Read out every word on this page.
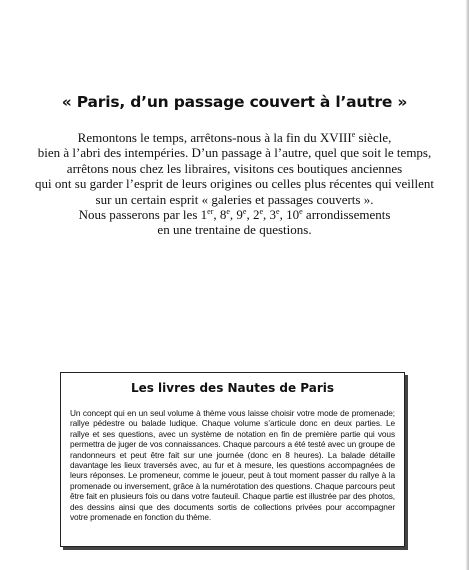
« Paris, d’un passage couvert à l’autre »

Remontons le temps, arrêtons-nous à la fin du XVIIIe siècle,

bien à l’abri des intempéries. D’un passage à l’autre, quel que soit le temps,

arrêtons nous chez les libraires, visitons ces boutiques anciennes

qui ont su garder l’esprit de leurs origines ou celles plus récentes qui veillent

sur un certain esprit « galeries et passages couverts ».

Nous passerons par les 1er, 8e, 9e, 2e, 3e, 10e arrondissements

en une trentaine de questions.

Les livres des Nautes de Paris

Un concept qui en un seul volume à thème vous laisse choisir votre mode de promenade; rallye pédestre ou balade ludique. Chaque volume s’articule donc en deux parties. Le rallye et ses questions, avec un système de notation en fin de première partie qui vous permettra de juger de vos connaissances. Chaque parcours a été testé avec un groupe de randonneurs et peut être fait sur une journée (donc en 8 heures). La balade détaille davantage les lieux traversés avec, au fur et à mesure, les questions accompagnées de leurs réponses. Le promeneur, comme le joueur, peut à tout moment passer du rallye à la promenade ou inversement, grâce à la numérotation des questions. Chaque parcours peut être fait en plusieurs fois ou dans votre fauteuil. Chaque partie est illustrée par des photos, des dessins ainsi que des documents sortis de collections privées pour accompagner votre promenade en fonction du thème.
